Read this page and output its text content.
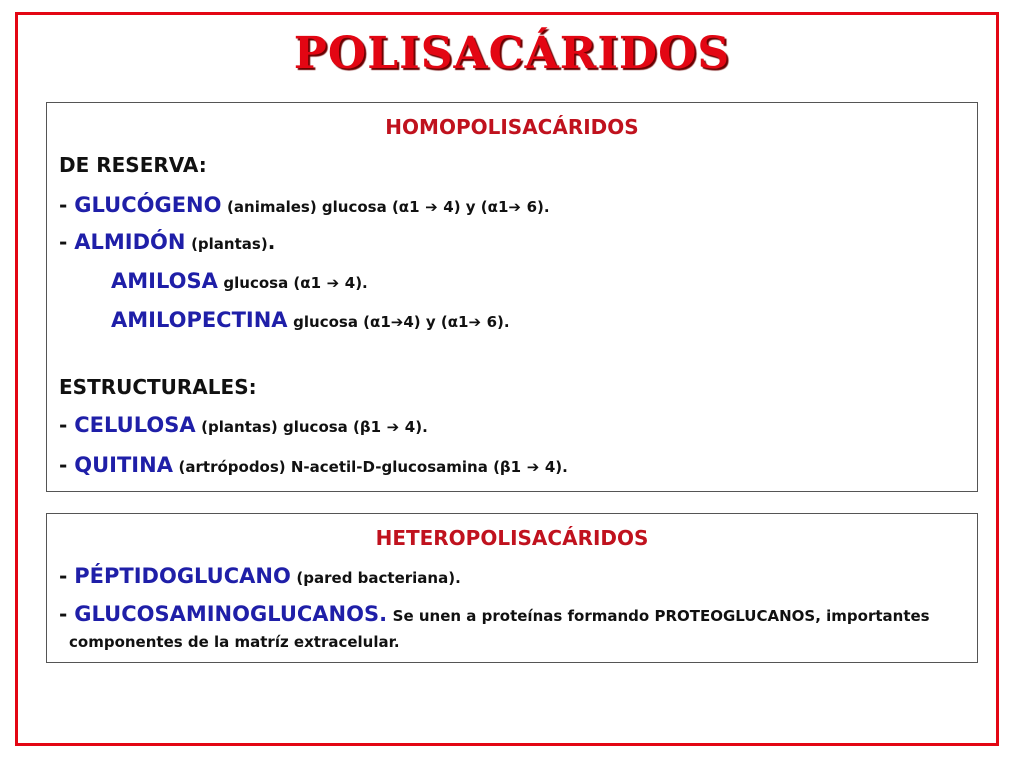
POLISACÁRIDOS
HOMOPOLISACÁRIDOS
DE RESERVA:
- GLUCÓGENO (animales) glucosa (α1 ➔ 4) y (α1➔ 6).
- ALMIDÓN (plantas).
AMILOSA glucosa (α1 ➔ 4).
AMILOPECTINA glucosa (α1➔4) y (α1➔ 6).
ESTRUCTURALES:
- CELULOSA (plantas) glucosa (β1 ➔ 4).
- QUITINA (artrópodos) N-acetil-D-glucosamina (β1 ➔ 4).
HETEROPOLISACÁRIDOS
- PÉPTIDOGLUCANO (pared bacteriana).
- GLUCOSAMINOGLUCANOS. Se unen a proteínas formando PROTEOGLUCANOS, importantes
componentes de la matríz extracelular.
